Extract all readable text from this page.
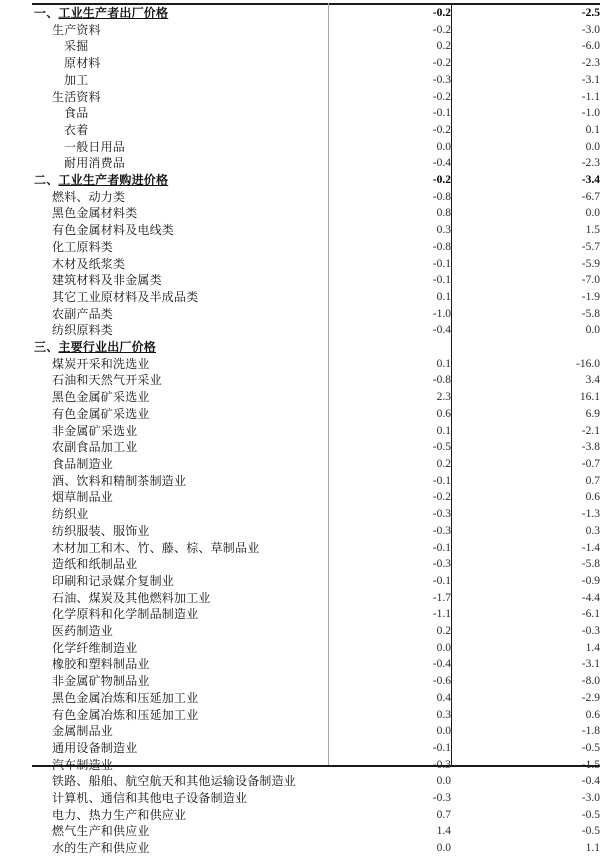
一、工业生产者出厂价格	-0.2	-2.5
生产资料	-0.2	-3.0
采掘	0.2	-6.0
原材料	-0.2	-2.3
加工	-0.3	-3.1
生活资料	-0.2	-1.1
食品	-0.1	-1.0
衣着	-0.2	0.1
一般日用品	0.0	0.0
耐用消费品	-0.4	-2.3
二、工业生产者购进价格	-0.2	-3.4
燃料、动力类	-0.8	-6.7
黑色金属材料类	0.8	0.0
有色金属材料及电线类	0.3	1.5
化工原料类	-0.8	-5.7
木材及纸浆类	-0.1	-5.9
建筑材料及非金属类	-0.1	-7.0
其它工业原材料及半成品类	0.1	-1.9
农副产品类	-1.0	-5.8
纺织原料类	-0.4	0.0
三、主要行业出厂价格		
煤炭开采和洗选业	0.1	-16.0
石油和天然气开采业	-0.8	3.4
黑色金属矿采选业	2.3	16.1
有色金属矿采选业	0.6	6.9
非金属矿采选业	0.1	-2.1
农副食品加工业	-0.5	-3.8
食品制造业	0.2	-0.7
酒、饮料和精制茶制造业	-0.1	0.7
烟草制品业	-0.2	0.6
纺织业	-0.3	-1.3
纺织服装、服饰业	-0.3	0.3
木材加工和木、竹、藤、棕、草制品业	-0.1	-1.4
造纸和纸制品业	-0.3	-5.8
印刷和记录媒介复制业	-0.1	-0.9
石油、煤炭及其他燃料加工业	-1.7	-4.4
化学原料和化学制品制造业	-1.1	-6.1
医药制造业	0.2	-0.3
化学纤维制造业	0.0	1.4
橡胶和塑料制品业	-0.4	-3.1
非金属矿物制品业	-0.6	-8.0
黑色金属冶炼和压延加工业	0.4	-2.9
有色金属冶炼和压延加工业	0.3	0.6
金属制品业	0.0	-1.8
通用设备制造业	-0.1	-0.5
汽车制造业	-0.3	-1.5
铁路、船舶、航空航天和其他运输设备制造业	0.0	-0.4
计算机、通信和其他电子设备制造业	-0.3	-3.0
电力、热力生产和供应业	0.7	-0.5
燃气生产和供应业	1.4	-0.5
水的生产和供应业	0.0	1.1
